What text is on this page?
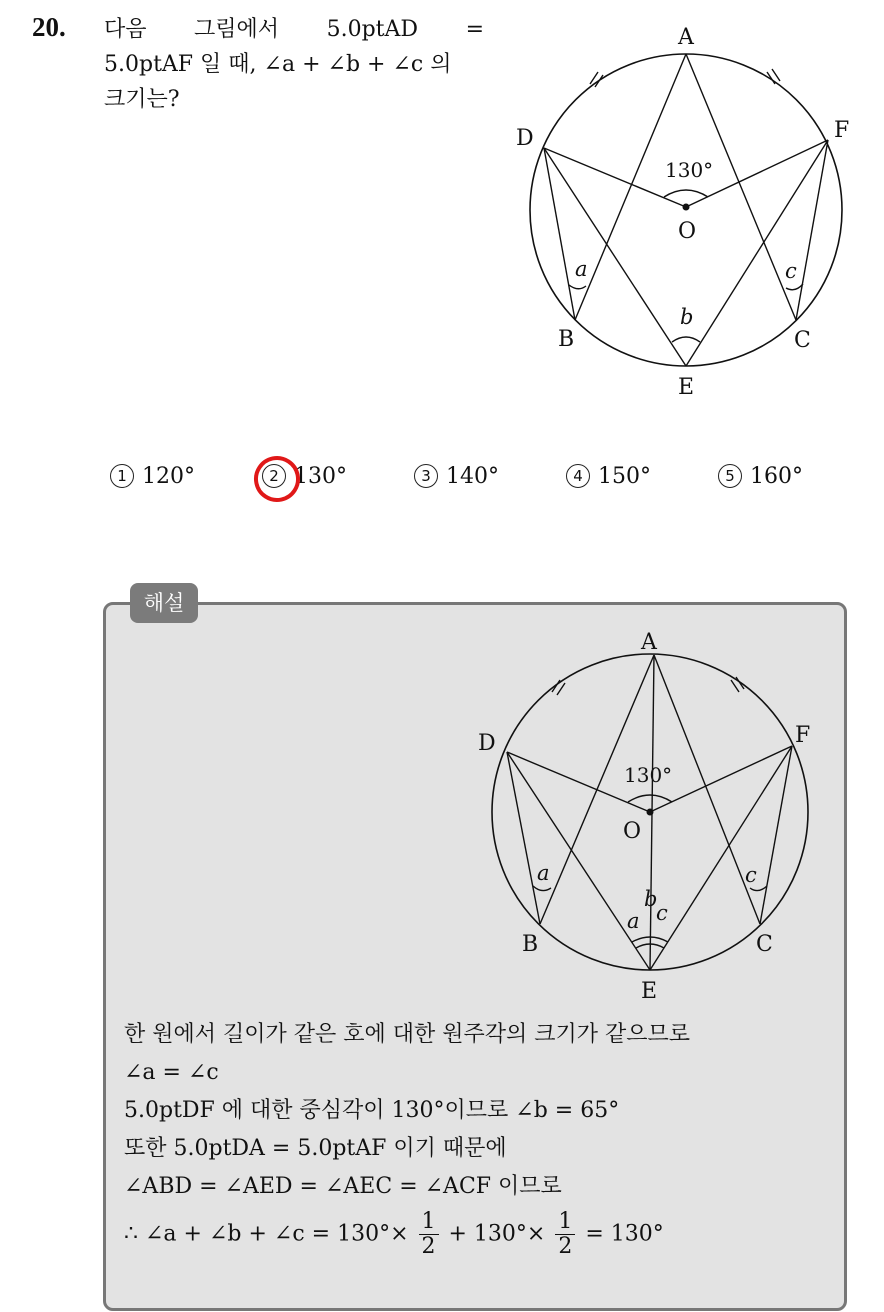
20. 다음 그림에서 5.0ptAD =
5.0ptAF 일 때, ∠a + ∠b + ∠c 의
크기는?
A
D	F
O
B	C
E
130°
a
b
c
1 120°	2 130°	3 140°	4 150°	5 160°
해설
A
D	F
O
B	C
E
130°
a	c
b
a c
한 원에서 길이가 같은 호에 대한 원주각의 크기가 같으므로
∠a = ∠c
5.0ptDF 에 대한 중심각이 130°이므로 ∠b = 65°
또한 5.0ptDA = 5.0ptAF 이기 때문에
∠ABD = ∠AED = ∠AEC = ∠ACF 이므로
∴ ∠a + ∠b + ∠c = $130^\circ\times \frac{1}{2} + 130^\circ\times \frac{1}{2} = 130^\circ$
